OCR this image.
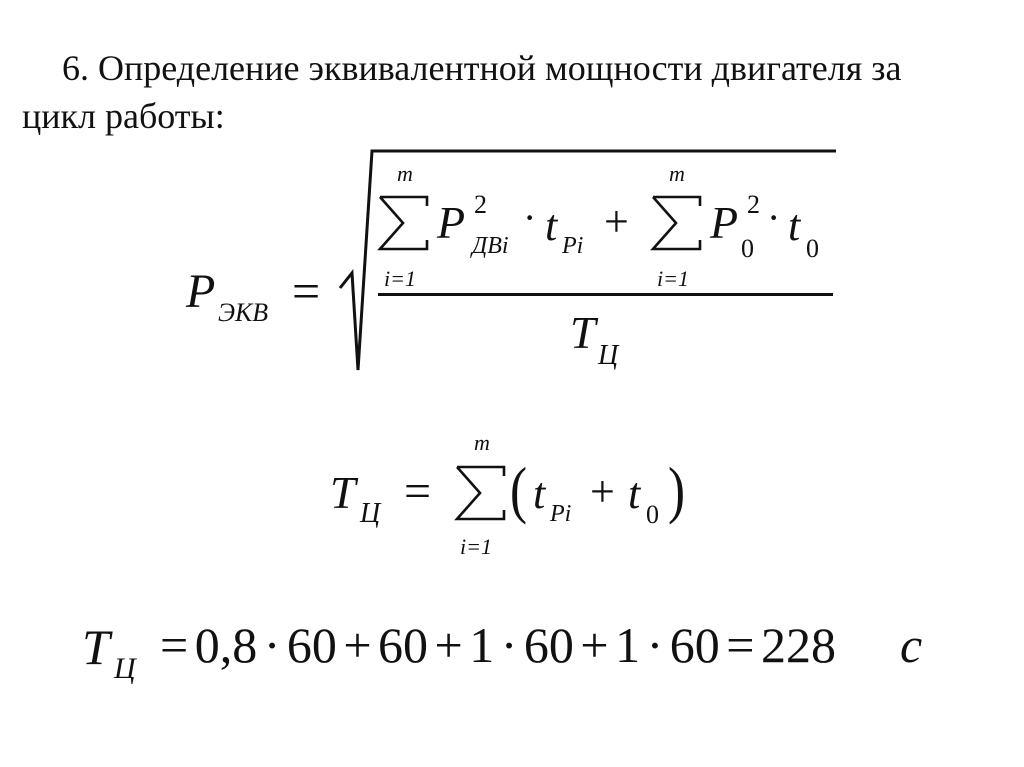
6. Определение эквивалентной мощности двигателя за
цикл работы:
P ЭКВ =
m
i=1
P 2
ДВi
· t Pi +
m
i=1
P 2
0
· t 0
T Ц
T Ц =
m
i=1
( t Pi + t 0 )
T Ц = 0,8 · 60 + 60 + 1 · 60 + 1 · 60 = 228 c
